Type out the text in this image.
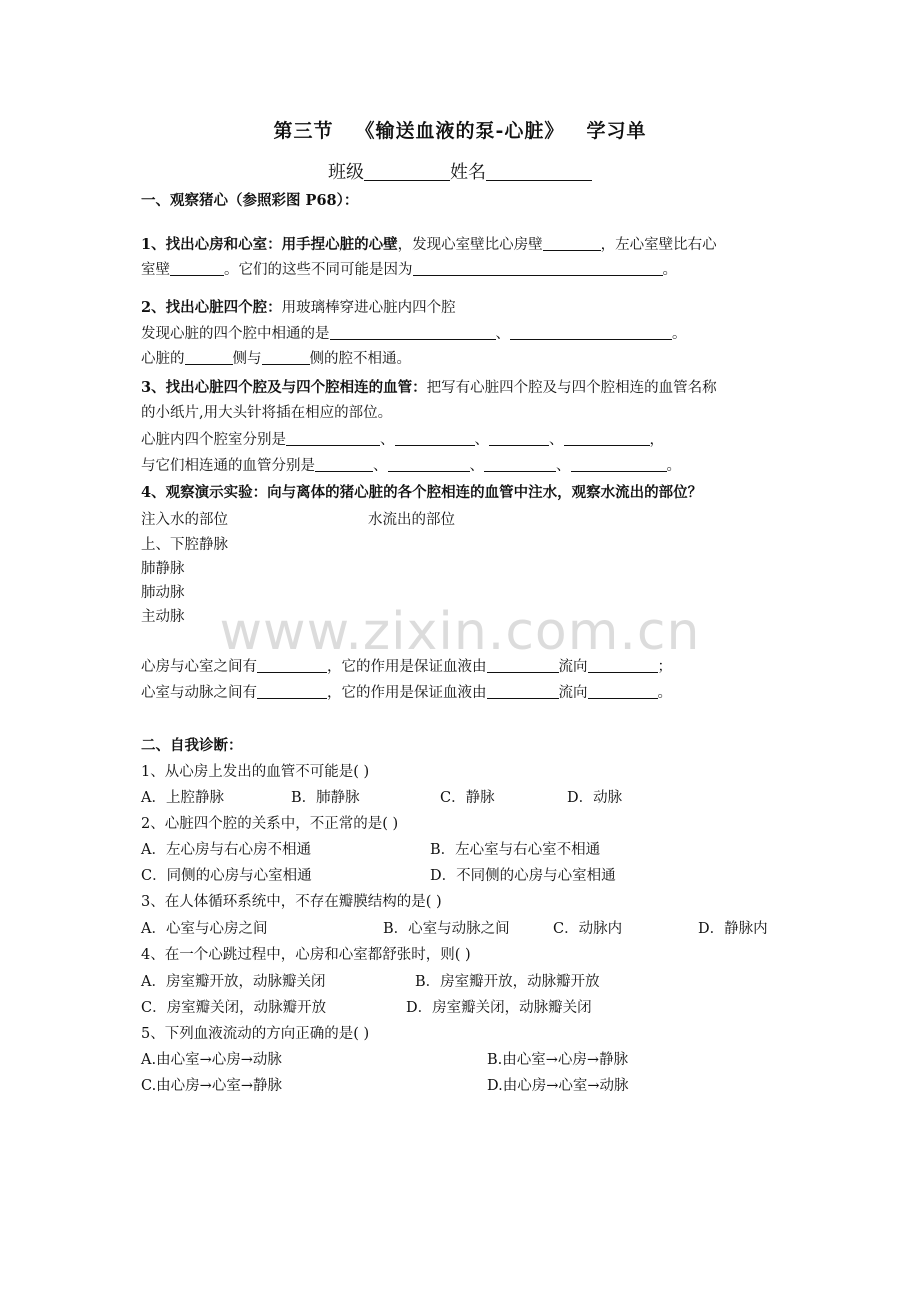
第三节 《输送血液的泵-心脏》 学习单
班级	姓名
一、观察猪心（参照彩图 P68）：
1、找出心房和心室：用手捏心脏的心壁，发现心室壁比心房壁	，左心室壁比右心
室壁	。它们的这些不同可能是因为	。
2、找出心脏四个腔：用玻璃棒穿进心脏内四个腔
发现心脏的四个腔中相通的是	、	。
心脏的	侧与	侧的腔不相通。
3、找出心脏四个腔及与四个腔相连的血管：把写有心脏四个腔及与四个腔相连的血管名称
的小纸片,用大头针将插在相应的部位。
心脏内四个腔室分别是	、	、	、	，
与它们相连通的血管分别是	、	、	、	。
4、观察演示实验：向与离体的猪心脏的各个腔相连的血管中注水，观察水流出的部位？
注入水的部位	水流出的部位
上、下腔静脉
肺静脉
肺动脉
主动脉
心房与心室之间有	，它的作用是保证血液由	流向	；
心室与动脉之间有	，它的作用是保证血液由	流向	。
二、自我诊断：
1、从心房上发出的血管不可能是( )
A．上腔静脉	B．肺静脉	C．静脉	D．动脉
2、心脏四个腔的关系中，不正常的是( )
A．左心房与右心房不相通	B．左心室与右心室不相通
C．同侧的心房与心室相通	D．不同侧的心房与心室相通
3、在人体循环系统中，不存在瓣膜结构的是( )
A．心室与心房之间	B．心室与动脉之间	C．动脉内	D．静脉内
4、在一个心跳过程中，心房和心室都舒张时，则( )
A．房室瓣开放，动脉瓣关闭	B．房室瓣开放，动脉瓣开放
C．房室瓣关闭，动脉瓣开放	D．房室瓣关闭，动脉瓣关闭
5、下列血液流动的方向正确的是( )
A.由心室→心房→动脉	B.由心室→心房→静脉
C.由心房→心室→静脉	D.由心房→心室→动脉
www.zixin.com.cn
